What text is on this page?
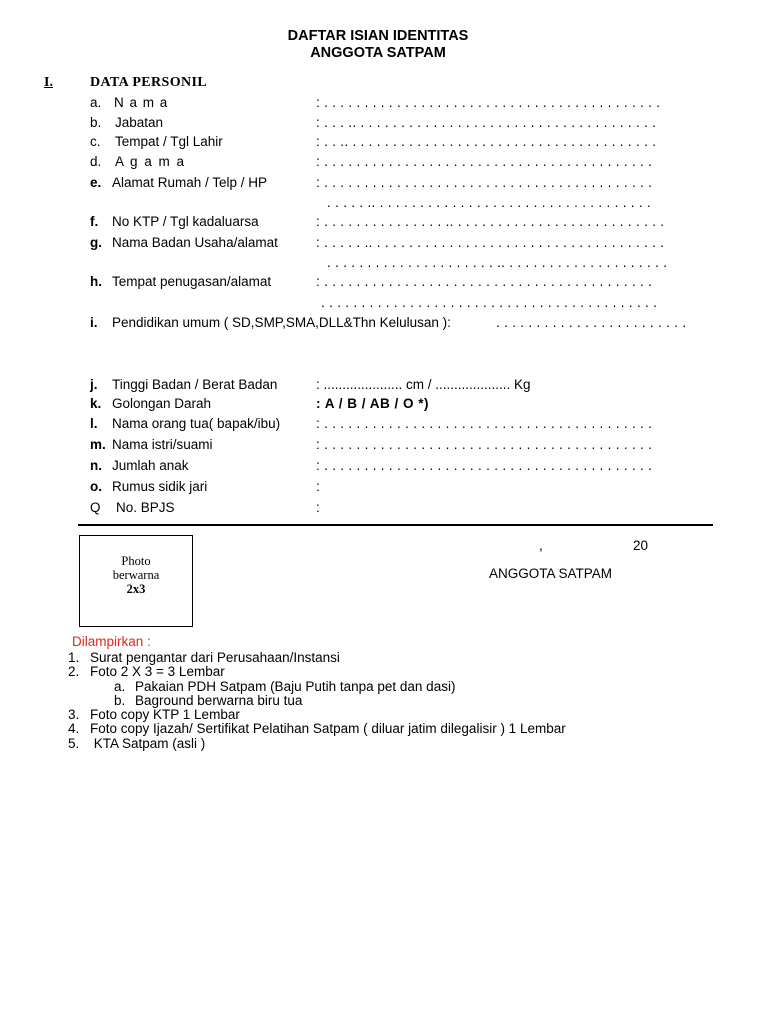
DAFTAR ISIAN IDENTITAS
ANGGOTA SATPAM
I.	DATA PERSONIL
a. N a m a	: . . . . . . . . . . . . . . . . . . . . . . . . . . . . . . . . . . . . . . . . . .
b. Jabatan	: . . . .. . . . . . . . . . . . . . . . . . . . . . . . . . . . . . . . . . . . . .
c. Tempat / Tgl Lahir	: . . .. . . . . . . . . . . . . . . . . . . . . . . . . . . . . . . . . . . . . . .
d. A g a m a	: . . . . . . . . . . . . . . . . . . . . . . . . . . . . . . . . . . . . . . . . .
e. Alamat Rumah / Telp / HP	: . . . . . . . . . . . . . . . . . . . . . . . . . . . . . . . . . . . . . . . . .
. . . . . .. . . . . . . . . . . . . . . . . . . . . . . . . . . . . . . . . . .
f. No KTP / Tgl kadaluarsa	: . . . . . . . . . . . . . . . .. . . . . . . . . . . . . . . . . . . . . . . . . . .
g. Nama Badan Usaha/alamat	: . . . . . .. . . . . . . . . . . . . . . . . . . . . . . . . . . . . . . . . . . . .
. . . . . . . . . . . . . . . . . . . . . .. . . . . . . . . . . . . . . . . . . . .
h. Tempat penugasan/alamat	: . . . . . . . . . . . . . . . . . . . . . . . . . . . . . . . . . . . . . . . . .
. . . . . . . . . . . . . . . . . . . . . . . . . . . . . . . . . . . . . . . . . .
i. Pendidikan umum ( SD,SMP,SMA,DLL&Thn Kelulusan ):	. . . . . . . . . . . . . . . . . . . . . . . .
j. Tinggi Badan / Berat Badan	: ..................... cm / .................... Kg
k. Golongan Darah	: A / B / AB / O *)
l. Nama orang tua( bapak/ibu)	: . . . . . . . . . . . . . . . . . . . . . . . . . . . . . . . . . . . . . . . . .
m. Nama istri/suami	: . . . . . . . . . . . . . . . . . . . . . . . . . . . . . . . . . . . . . . . . .
n. Jumlah anak	: . . . . . . . . . . . . . . . . . . . . . . . . . . . . . . . . . . . . . . . . .
o. Rumus sidik jari	:
Q No. BPJS	:
Photo
berwarna
2x3
,	20
ANGGOTA SATPAM
Dilampirkan :
1. Surat pengantar dari Perusahaan/Instansi
2. Foto 2 X 3 = 3 Lembar
a. Pakaian PDH Satpam (Baju Putih tanpa pet dan dasi)
b. Baground berwarna biru tua
3. Foto copy KTP 1 Lembar
4. Foto copy Ijazah/ Sertifikat Pelatihan Satpam ( diluar jatim dilegalisir ) 1 Lembar
5. KTA Satpam (asli )
